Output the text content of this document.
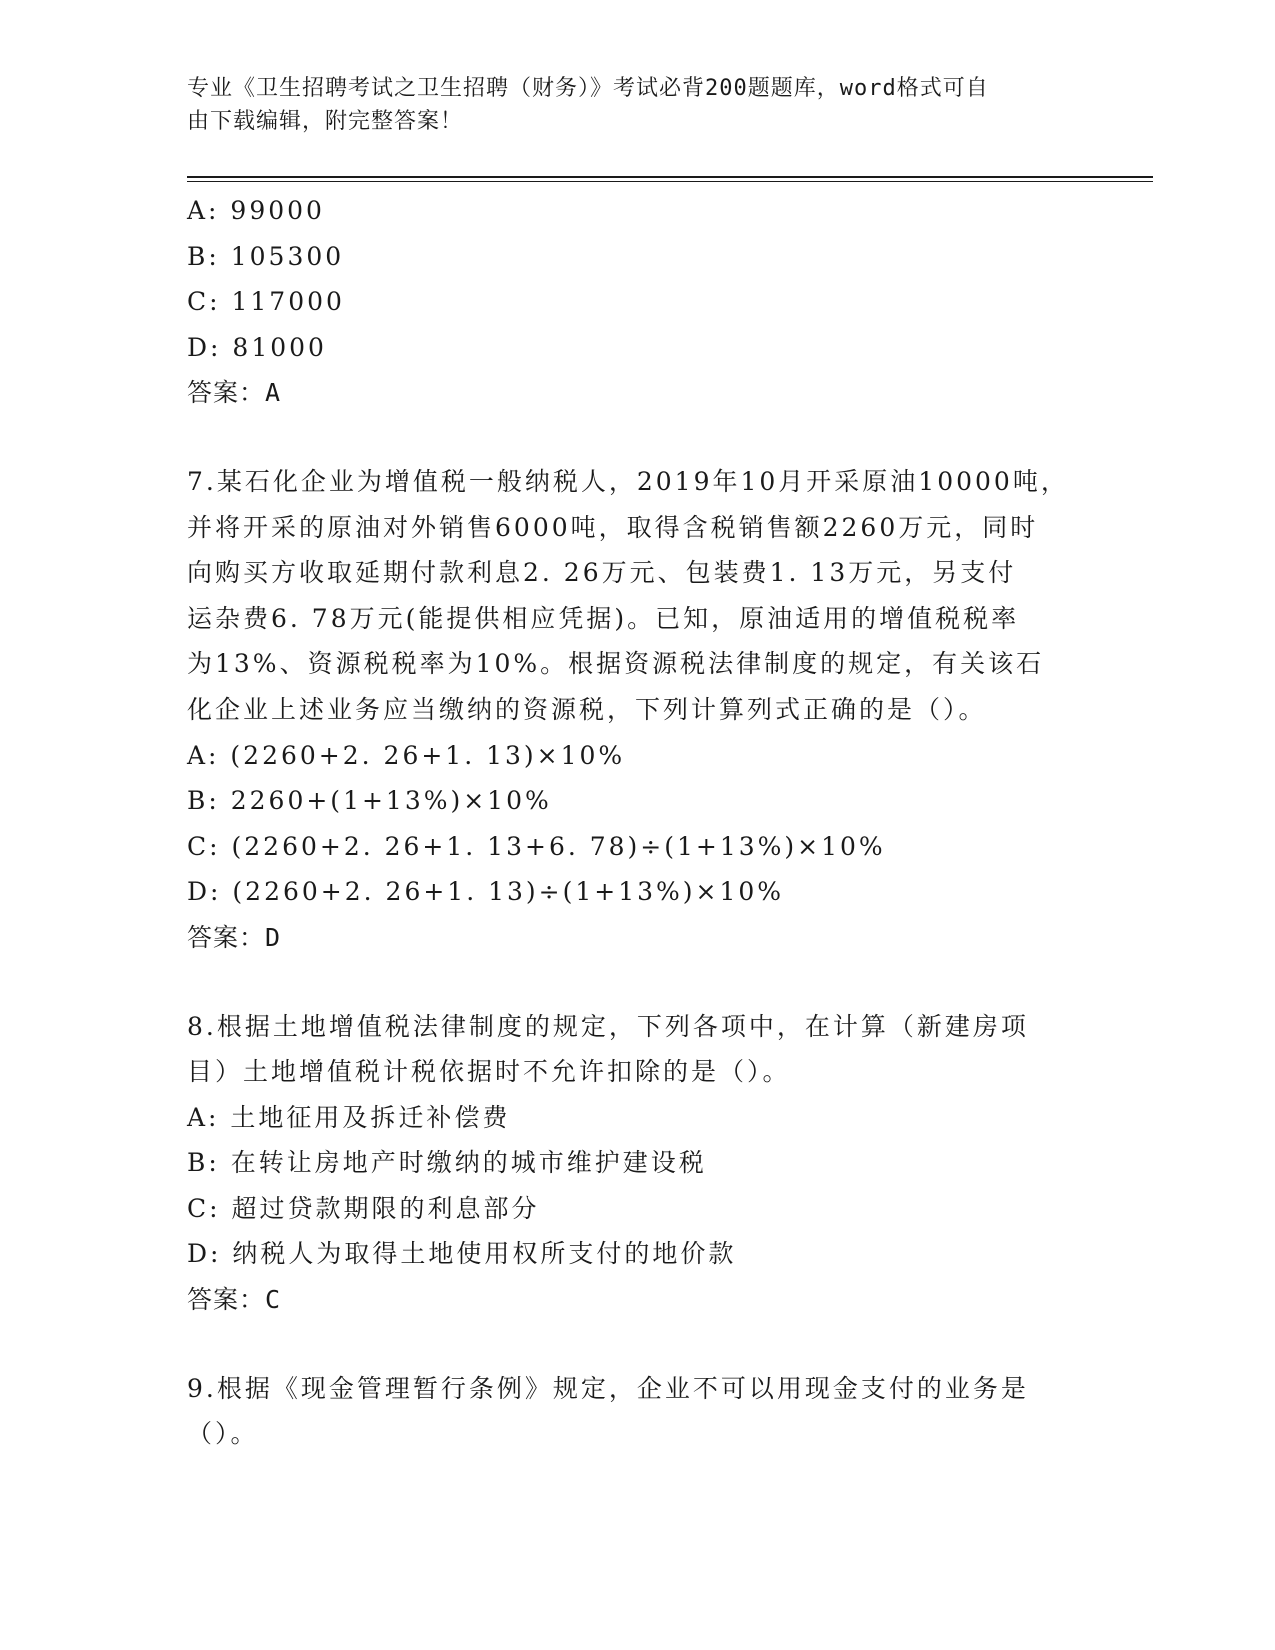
专业《卫生招聘考试之卫生招聘（财务）》考试必背200题题库，word格式可自
由下载编辑，附完整答案！
A: 99000
B: 105300
C: 117000
D: 81000
答案：A
7.某石化企业为增值税一般纳税人，2019年10月开采原油10000吨，
并将开采的原油对外销售6000吨，取得含税销售额2260万元，同时
向购买方收取延期付款利息2. 26万元、包装费1. 13万元，另支付
运杂费6. 78万元(能提供相应凭据)。已知，原油适用的增值税税率
为13%、资源税税率为10%。根据资源税法律制度的规定，有关该石
化企业上述业务应当缴纳的资源税，下列计算列式正确的是（）。
A: (2260+2. 26+1. 13)×10%
B: 2260+(1+13%)×10%
C: (2260+2. 26+1. 13+6. 78)÷(1+13%)×10%
D: (2260+2. 26+1. 13)÷(1+13%)×10%
答案：D
8.根据土地增值税法律制度的规定，下列各项中，在计算（新建房项
目）土地增值税计税依据时不允许扣除的是（）。
A: 土地征用及拆迁补偿费
B: 在转让房地产时缴纳的城市维护建设税
C: 超过贷款期限的利息部分
D: 纳税人为取得土地使用权所支付的地价款
答案：C
9.根据《现金管理暂行条例》规定，企业不可以用现金支付的业务是
（）。
